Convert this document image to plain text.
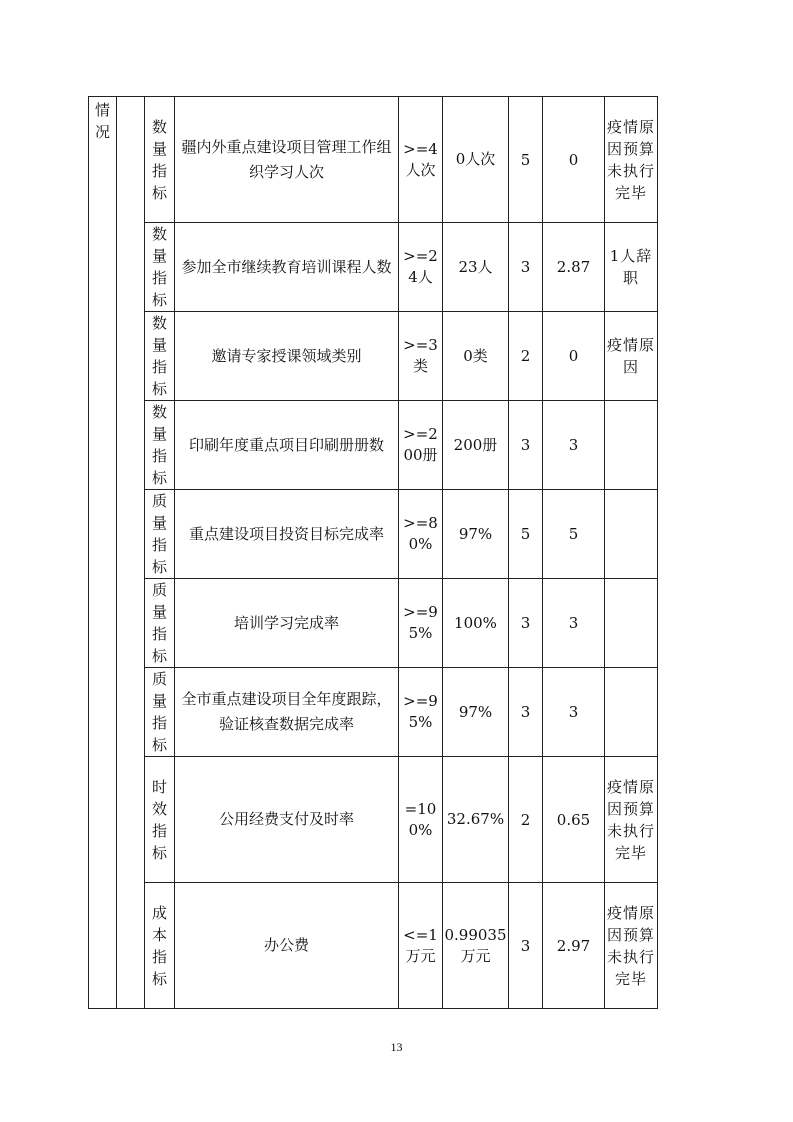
情况		数量指标	疆内外重点建设项目管理工作组织学习人次	>=4人次	0人次	5	0	疫情原因预算未执行完毕

		数量指标	参加全市继续教育培训课程人数	>=24人	23人	3	2.87	1人辞职

		数量指标	邀请专家授课领域类别	>=3类	0类	2	0	疫情原因

		数量指标	印刷年度重点项目印刷册册数	>=200册	200册	3	3	

		质量指标	重点建设项目投资目标完成率	>=80%	97%	5	5	

		质量指标	培训学习完成率	>=95%	100%	3	3	

		质量指标	全市重点建设项目全年度跟踪，验证核查数据完成率	>=95%	97%	3	3	

		时效指标	公用经费支付及时率	=100%	32.67%	2	0.65	疫情原因预算未执行完毕

		成本指标	办公费	<=1万元	0.99035万元	3	2.97	疫情原因预算未执行完毕
13
